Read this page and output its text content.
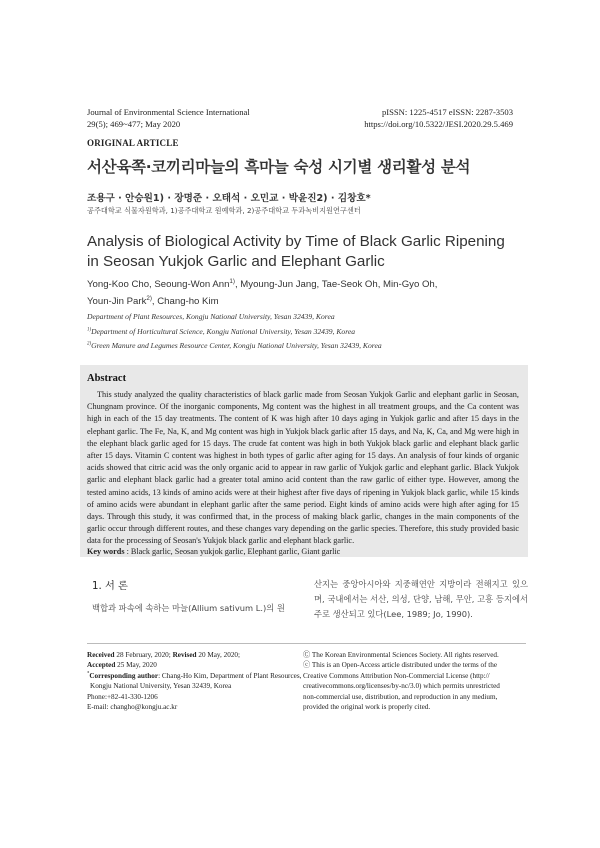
Journal of Environmental Science International
29(5); 469~477; May 2020
pISSN: 1225-4517 eISSN: 2287-3503
https://doi.org/10.5322/JESI.2020.29.5.469
ORIGINAL ARTICLE
서산육쪽·코끼리마늘의 흑마늘 숙성 시기별 생리활성 분석
조용구 · 안승원1) · 장명준 · 오태석 · 오민교 · 박윤진2) · 김창호*
공주대학교 식물자원학과, 1)공주대학교 원예학과, 2)공주대학교 두과녹비지원연구센터
Analysis of Biological Activity by Time of Black Garlic Ripening in Seosan Yukjok Garlic and Elephant Garlic
Yong-Koo Cho, Seoung-Won Ann$^{1)}$, Myoung-Jun Jang, Tae-Seok Oh, Min-Gyo Oh,
Youn-Jin Park$^{2)}$, Chang-ho Kim
Department of Plant Resources, Kongju National University, Yesan 32439, Korea
$^{1)}$Department of Horticultural Science, Kongju National University, Yesan 32439, Korea
$^{2)}$Green Manure and Legumes Resource Center, Kongju National University, Yesan 32439, Korea
Abstract
This study analyzed the quality characteristics of black garlic made from Seosan Yukjok Garlic and elephant garlic in Seosan, Chungnam province. Of the inorganic components, Mg content was the highest in all treatment groups, and the Ca content was high in each of the 15 day treatments. The content of K was high after 10 days aging in Yukjok garlic and after 15 days in the elephant garlic. The Fe, Na, K, and Mg content was high in Yukjok black garlic after 15 days, and Na, K, Ca, and Mg were high in the elephant black garlic aged for 15 days. The crude fat content was high in both Yukjok black garlic and elephant black garlic after 15 days. Vitamin C content was highest in both types of garlic after aging for 15 days. An analysis of four kinds of organic acids showed that citric acid was the only organic acid to appear in raw garlic of Yukjok garlic and elephant garlic. Black Yukjok garlic and elephant black garlic had a greater total amino acid content than the raw garlic of either type. However, among the tested amino acids, 13 kinds of amino acids were at their highest after five days of ripening in Yukjok black garlic, while 15 kinds of amino acids were abundant in elephant garlic after the same period. Eight kinds of amino acids were high after aging for 15 days. Through this study, it was confirmed that, in the process of making black garlic, changes in the main components of the garlic occur through different routes, and these changes vary depending on the garlic species. Therefore, this study provided basic data for the processing of Seosan's Yukjok black garlic and elephant black garlic.
Key words : Black garlic, Seosan yukjok garlic, Elephant garlic, Giant garlic
1. 서 론
백합과 파속에 속하는 마늘(Allium sativum L.)의 원
산지는 중앙아시아와 지중해연안 지방이라 전해지고 있으며, 국내에서는 서산, 의성, 단양, 남해, 무안, 고흥 등지에서 주로 생산되고 있다(Lee, 1989; Jo, 1990).
Received 28 February, 2020; Revised 20 May, 2020;
Accepted 25 May, 2020
*Corresponding author: Chang-Ho Kim, Department of Plant Resources,
Kongju National University, Yesan 32439, Korea
Phone:+82-41-330-1206
E-mail: changho@kongju.ac.kr
Ⓒ The Korean Environmental Sciences Society. All rights reserved.
ⓒ This is an Open-Access article distributed under the terms of the
Creative Commons Attribution Non-Commercial License (http://
creativecommons.org/licenses/by-nc/3.0) which permits unrestricted
non-commercial use, distribution, and reproduction in any medium,
provided the original work is properly cited.
